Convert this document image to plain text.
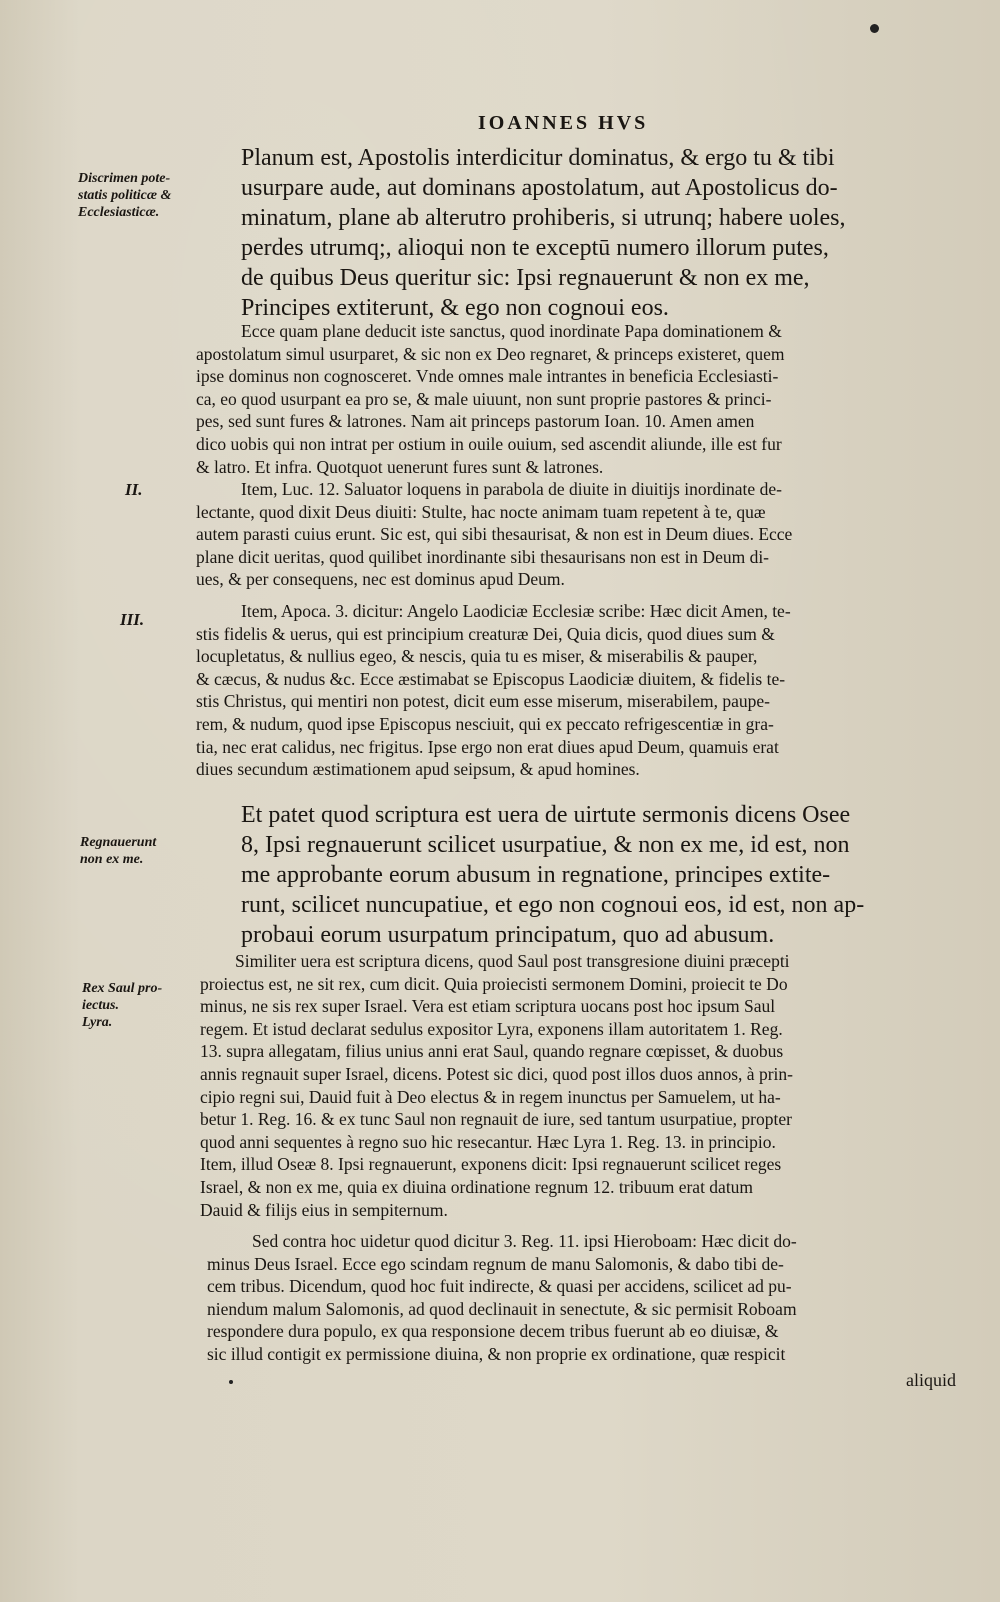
IOANNES HVS
Discrimen pote-
statis politicæ &
Ecclesiasticæ.
II.
III.
Regnauerunt
non ex me.
Rex Saul pro-
iectus.
Lyra.
Planum est, Apostolis interdicitur dominatus, & ergo tu & tibi
usurpare aude, aut dominans apostolatum, aut Apostolicus do-
minatum, plane ab alterutro prohiberis, si utrunq; habere uoles,
perdes utrumq;, alioqui non te exceptū numero illorum putes,
de quibus Deus queritur sic: Ipsi regnauerunt & non ex me,
Principes extiterunt, & ego non cognoui eos.
Ecce quam plane deducit iste sanctus, quod inordinate Papa dominationem &
apostolatum simul usurparet, & sic non ex Deo regnaret, & princeps existeret, quem
ipse dominus non cognosceret. Vnde omnes male intrantes in beneficia Ecclesiasti-
ca, eo quod usurpant ea pro se, & male uiuunt, non sunt proprie pastores & princi-
pes, sed sunt fures & latrones. Nam ait princeps pastorum Ioan. 10. Amen amen
dico uobis qui non intrat per ostium in ouile ouium, sed ascendit aliunde, ille est fur
& latro. Et infra. Quotquot uenerunt fures sunt & latrones.
Item, Luc. 12. Saluator loquens in parabola de diuite in diuitijs inordinate de-
lectante, quod dixit Deus diuiti: Stulte, hac nocte animam tuam repetent à te, quæ
autem parasti cuius erunt. Sic est, qui sibi thesaurisat, & non est in Deum diues. Ecce
plane dicit ueritas, quod quilibet inordinante sibi thesaurisans non est in Deum di-
ues, & per consequens, nec est dominus apud Deum.
Item, Apoca. 3. dicitur: Angelo Laodiciæ Ecclesiæ scribe: Hæc dicit Amen, te-
stis fidelis & uerus, qui est principium creaturæ Dei, Quia dicis, quod diues sum &
locupletatus, & nullius egeo, & nescis, quia tu es miser, & miserabilis & pauper,
& cæcus, & nudus &c. Ecce æstimabat se Episcopus Laodiciæ diuitem, & fidelis te-
stis Christus, qui mentiri non potest, dicit eum esse miserum, miserabilem, paupe-
rem, & nudum, quod ipse Episcopus nesciuit, qui ex peccato refrigescentiæ in gra-
tia, nec erat calidus, nec frigitus. Ipse ergo non erat diues apud Deum, quamuis erat
diues secundum æstimationem apud seipsum, & apud homines.
Et patet quod scriptura est uera de uirtute sermonis dicens Osee
8, Ipsi regnauerunt scilicet usurpatiue, & non ex me, id est, non
me approbante eorum abusum in regnatione, principes extite-
runt, scilicet nuncupatiue, et ego non cognoui eos, id est, non ap-
probaui eorum usurpatum principatum, quo ad abusum.
Similiter uera est scriptura dicens, quod Saul post transgresione diuini præcepti
proiectus est, ne sit rex, cum dicit. Quia proiecisti sermonem Domini, proiecit te Do
minus, ne sis rex super Israel. Vera est etiam scriptura uocans post hoc ipsum Saul
regem. Et istud declarat sedulus expositor Lyra, exponens illam autoritatem 1. Reg.
13. supra allegatam, filius unius anni erat Saul, quando regnare cœpisset, & duobus
annis regnauit super Israel, dicens. Potest sic dici, quod post illos duos annos, à prin-
cipio regni sui, Dauid fuit à Deo electus & in regem inunctus per Samuelem, ut ha-
betur 1. Reg. 16. & ex tunc Saul non regnauit de iure, sed tantum usurpatiue, propter
quod anni sequentes à regno suo hic resecantur. Hæc Lyra 1. Reg. 13. in principio.
Item, illud Oseæ 8. Ipsi regnauerunt, exponens dicit: Ipsi regnauerunt scilicet reges
Israel, & non ex me, quia ex diuina ordinatione regnum 12. tribuum erat datum
Dauid & filijs eius in sempiternum.
Sed contra hoc uidetur quod dicitur 3. Reg. 11. ipsi Hieroboam: Hæc dicit do-
minus Deus Israel. Ecce ego scindam regnum de manu Salomonis, & dabo tibi de-
cem tribus. Dicendum, quod hoc fuit indirecte, & quasi per accidens, scilicet ad pu-
niendum malum Salomonis, ad quod declinauit in senectute, & sic permisit Roboam
respondere dura populo, ex qua responsione decem tribus fuerunt ab eo diuisæ, &
sic illud contigit ex permissione diuina, & non proprie ex ordinatione, quæ respicit
aliquid
